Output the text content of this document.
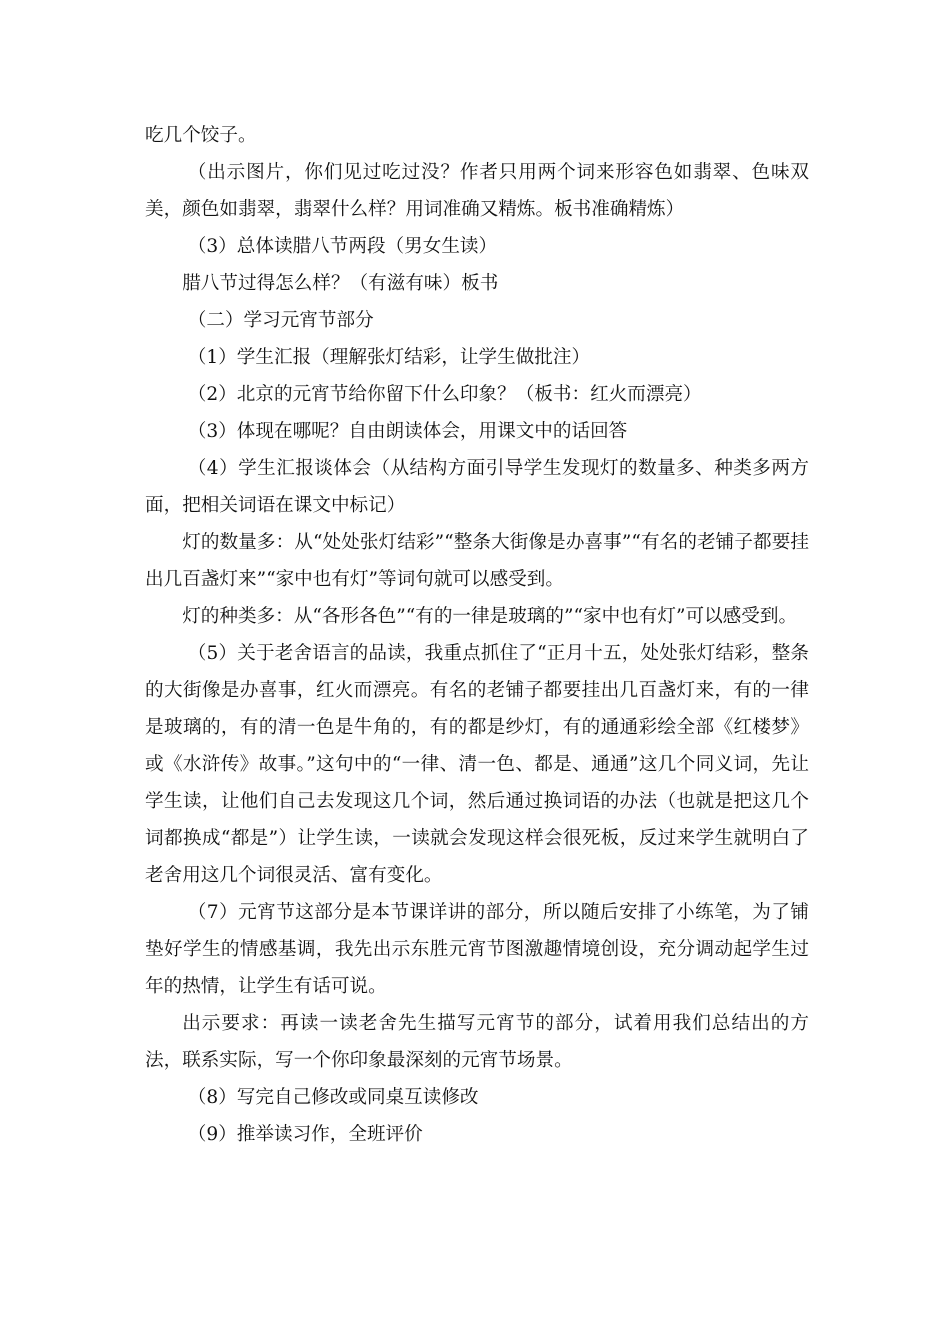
吃几个饺子。

（出示图片，你们见过吃过没？作者只用两个词来形容色如翡翠、色味双美，颜色如翡翠，翡翠什么样？用词准确又精炼。板书准确精炼）

（3）总体读腊八节两段（男女生读）

腊八节过得怎么样？（有滋有味）板书

（二）学习元宵节部分

（1）学生汇报（理解张灯结彩，让学生做批注）

（2）北京的元宵节给你留下什么印象？（板书：红火而漂亮）

（3）体现在哪呢？自由朗读体会，用课文中的话回答

（4）学生汇报谈体会（从结构方面引导学生发现灯的数量多、种类多两方面，把相关词语在课文中标记）

灯的数量多：从“处处张灯结彩”“整条大街像是办喜事”“有名的老铺子都要挂出几百盏灯来”“家中也有灯”等词句就可以感受到。

灯的种类多：从“各形各色”“有的一律是玻璃的”“家中也有灯”可以感受到。

（5）关于老舍语言的品读，我重点抓住了“正月十五，处处张灯结彩，整条的大街像是办喜事，红火而漂亮。有名的老铺子都要挂出几百盏灯来，有的一律是玻璃的，有的清一色是牛角的，有的都是纱灯，有的通通彩绘全部《红楼梦》或《水浒传》故事。”这句中的“一律、清一色、都是、通通”这几个同义词，先让学生读，让他们自己去发现这几个词，然后通过换词语的办法（也就是把这几个词都换成“都是”）让学生读，一读就会发现这样会很死板，反过来学生就明白了老舍用这几个词很灵活、富有变化。

（7）元宵节这部分是本节课详讲的部分，所以随后安排了小练笔，为了铺垫好学生的情感基调，我先出示东胜元宵节图激趣情境创设，充分调动起学生过年的热情，让学生有话可说。

出示要求：再读一读老舍先生描写元宵节的部分，试着用我们总结出的方法，联系实际，写一个你印象最深刻的元宵节场景。

（8）写完自己修改或同桌互读修改

（9）推举读习作，全班评价
